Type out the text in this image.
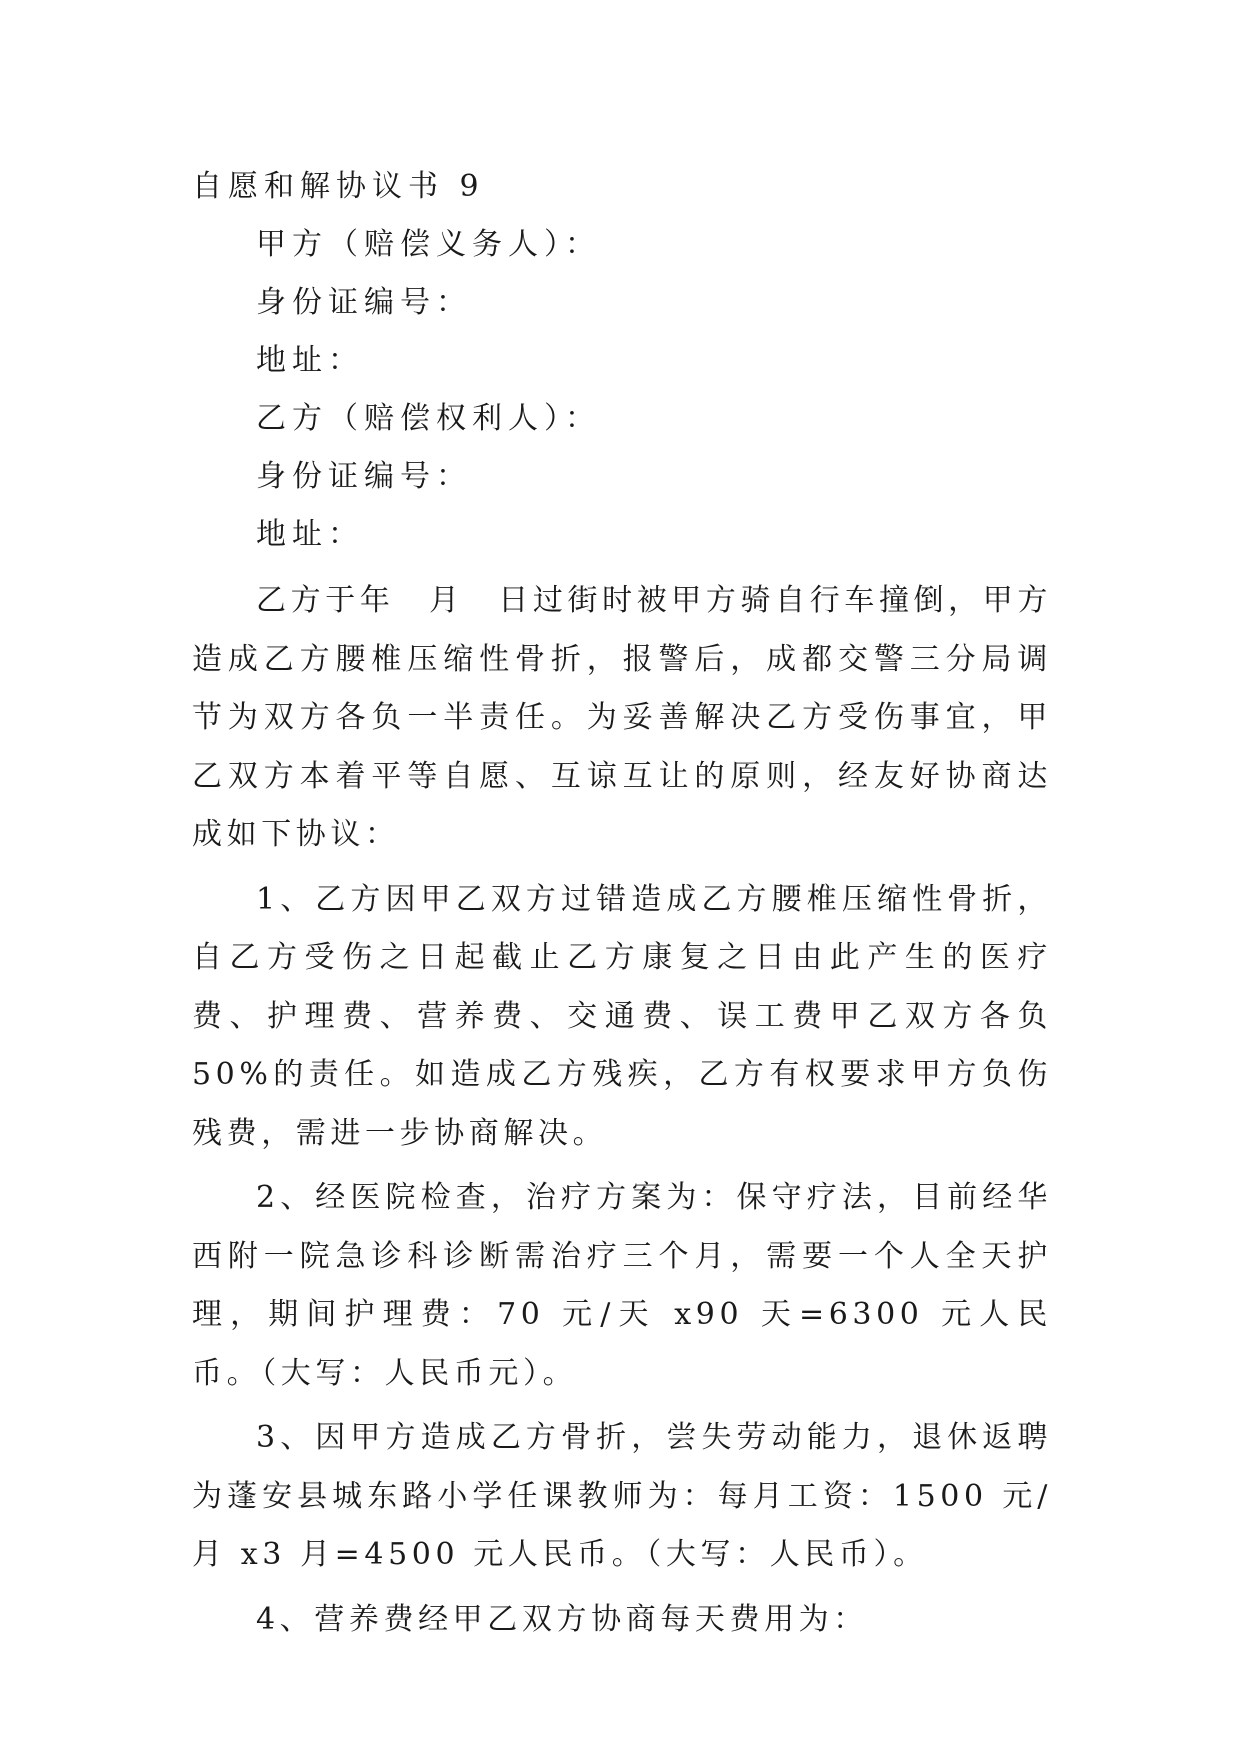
自愿和解协议书 9
甲方（赔偿义务人）：
身份证编号：
地址：
乙方（赔偿权利人）：
身份证编号：
地址：

乙方于年　月　日过街时被甲方骑自行车撞倒，甲方造成乙方腰椎压缩性骨折，报警后，成都交警三分局调节为双方各负一半责任。为妥善解决乙方受伤事宜，甲乙双方本着平等自愿、互谅互让的原则，经友好协商达成如下协议：

1、乙方因甲乙双方过错造成乙方腰椎压缩性骨折，自乙方受伤之日起截止乙方康复之日由此产生的医疗费、护理费、营养费、交通费、误工费甲乙双方各负 50%的责任。如造成乙方残疾，乙方有权要求甲方负伤残费，需进一步协商解决。

2、经医院检查，治疗方案为：保守疗法，目前经华西附一院急诊科诊断需治疗三个月，需要一个人全天护理，期间护理费：70 元/天 x90 天=6300 元人民币。（大写：人民币元）。

3、因甲方造成乙方骨折，尝失劳动能力，退休返聘为蓬安县城东路小学任课教师为：每月工资：1500 元/月 x3 月=4500 元人民币。（大写：人民币）。

4、营养费经甲乙双方协商每天费用为：
